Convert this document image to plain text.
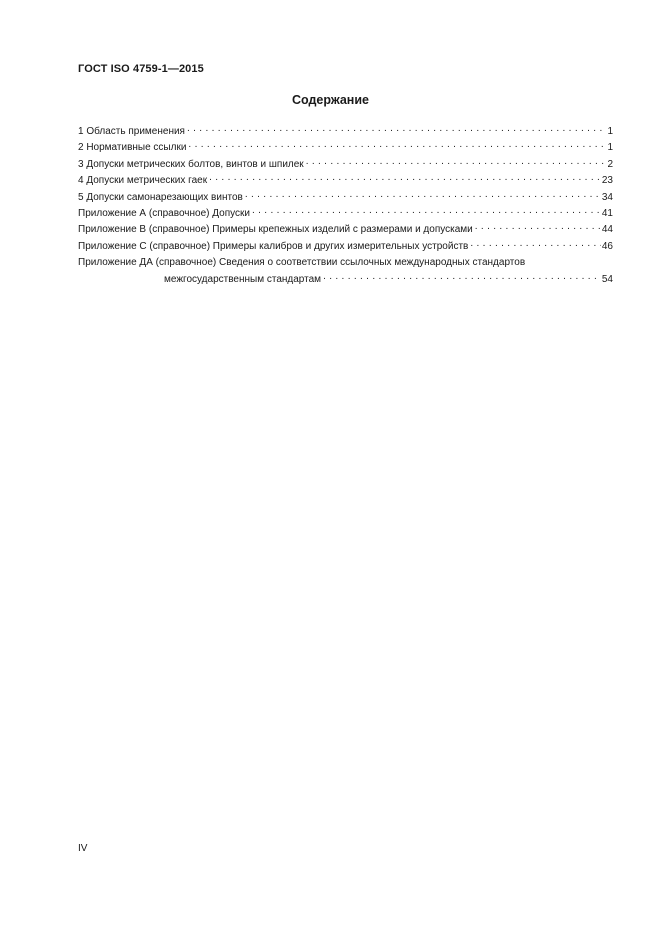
ГОСТ ISO 4759-1—2015
Содержание
1 Область применения . . .	1
2 Нормативные ссылки . . .	1
3 Допуски метрических болтов, винтов и шпилек . . .	2
4 Допуски метрических гаек . . .	23
5 Допуски самонарезающих винтов . . .	34
Приложение А (справочное) Допуски . . .	41
Приложение В (справочное) Примеры крепежных изделий с размерами и допусками . . .	44
Приложение С (справочное) Примеры калибров и других измерительных устройств . . .	46
Приложение ДА (справочное) Сведения о соответствии ссылочных международных стандартов
межгосударственным стандартам . . .	54
IV
